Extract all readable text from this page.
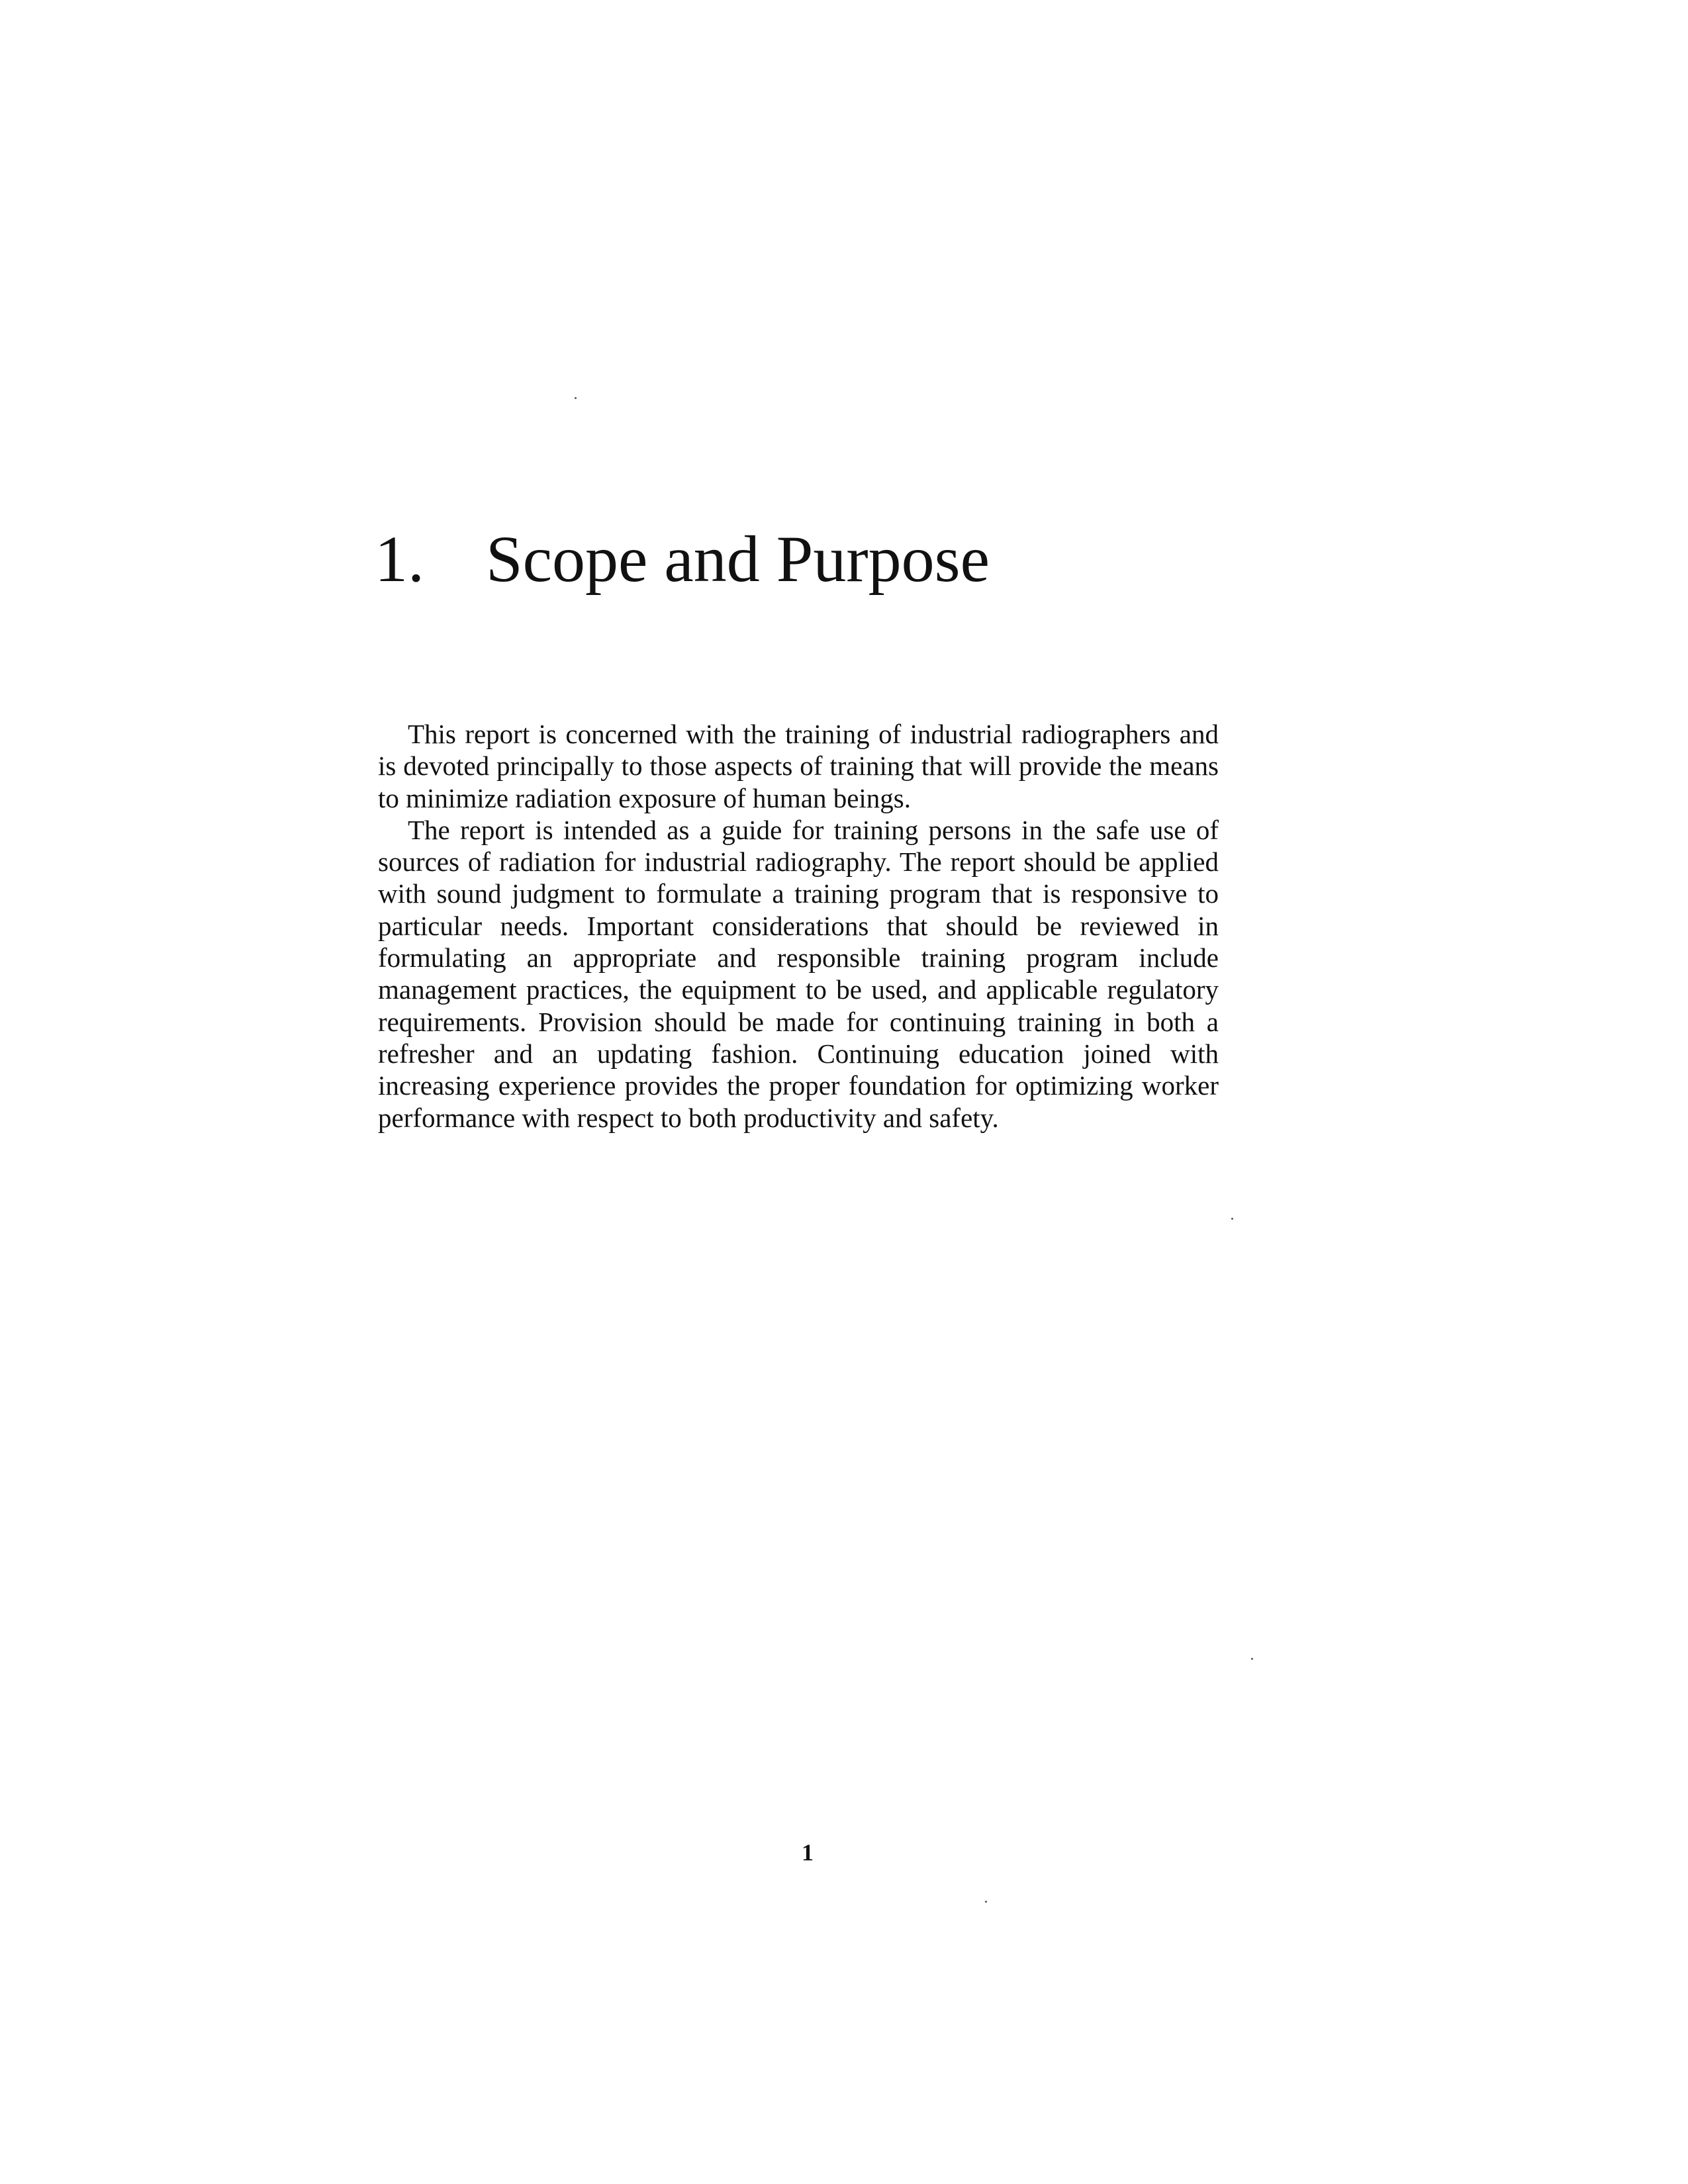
1. Scope and Purpose

This report is concerned with the training of industrial radiographers and is devoted principally to those aspects of training that will provide the means to minimize radiation exposure of human beings.

The report is intended as a guide for training persons in the safe use of sources of radiation for industrial radiography. The report should be applied with sound judgment to formulate a training program that is responsive to particular needs. Important considerations that should be reviewed in formulating an appropriate and responsible training program include management practices, the equipment to be used, and applicable regulatory requirements. Provision should be made for continuing training in both a refresher and an updating fashion. Continuing education joined with increasing experience provides the proper foundation for optimizing worker performance with respect to both productivity and safety.

1
